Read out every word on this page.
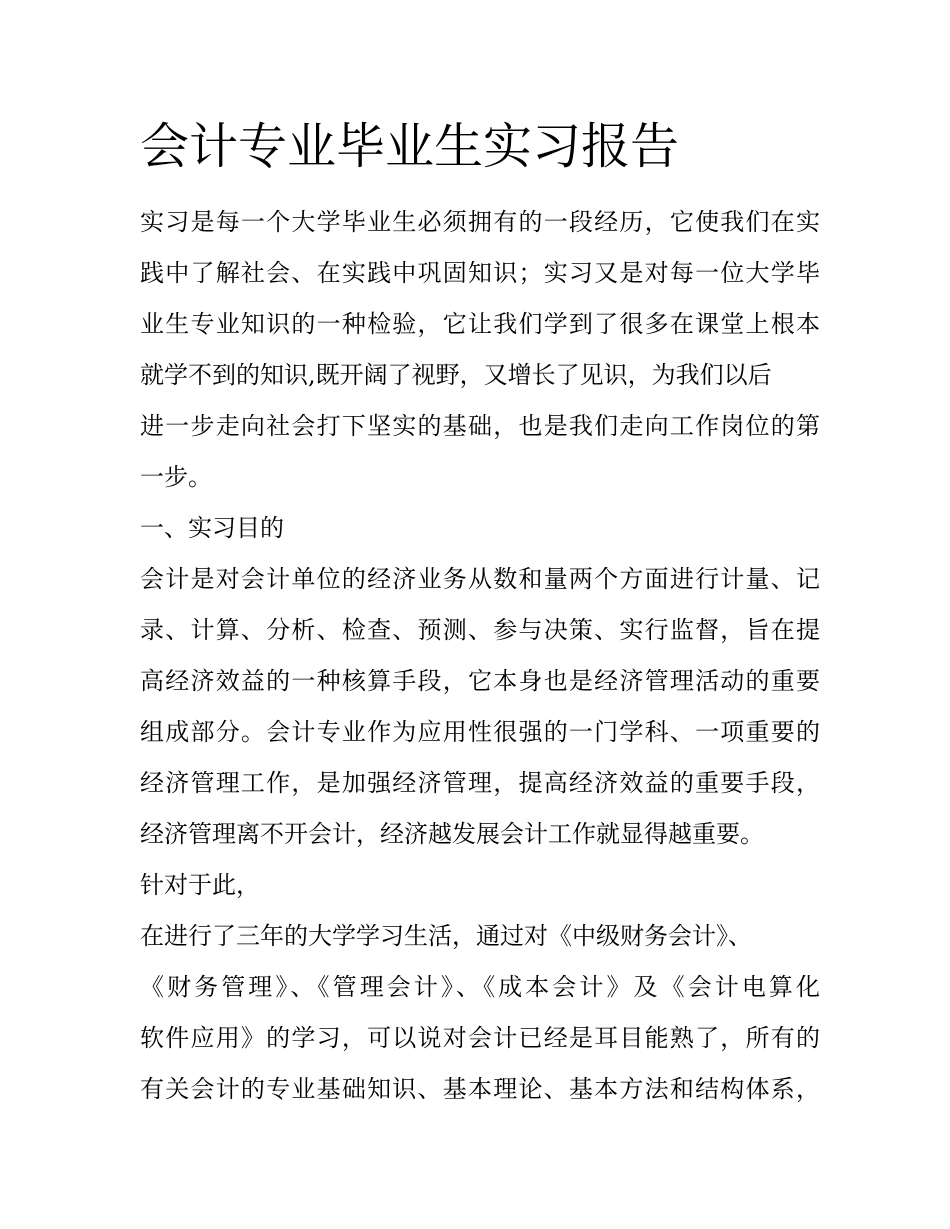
会计专业毕业生实习报告
实习是每一个大学毕业生必须拥有的一段经历，它使我们在实
践中了解社会、在实践中巩固知识；实习又是对每一位大学毕
业生专业知识的一种检验，它让我们学到了很多在课堂上根本
就学不到的知识,既开阔了视野，又增长了见识，为我们以后
进一步走向社会打下坚实的基础，也是我们走向工作岗位的第
一步。
一、实习目的
会计是对会计单位的经济业务从数和量两个方面进行计量、记
录、计算、分析、检查、预测、参与决策、实行监督，旨在提
高经济效益的一种核算手段，它本身也是经济管理活动的重要
组成部分。会计专业作为应用性很强的一门学科、一项重要的
经济管理工作，是加强经济管理，提高经济效益的重要手段，
经济管理离不开会计，经济越发展会计工作就显得越重要。
针对于此，
在进行了三年的大学学习生活，通过对《中级财务会计》、
《财务管理》、《管理会计》、《成本会计》及《会计电算化
软件应用》的学习，可以说对会计已经是耳目能熟了，所有的
有关会计的专业基础知识、基本理论、基本方法和结构体系，
